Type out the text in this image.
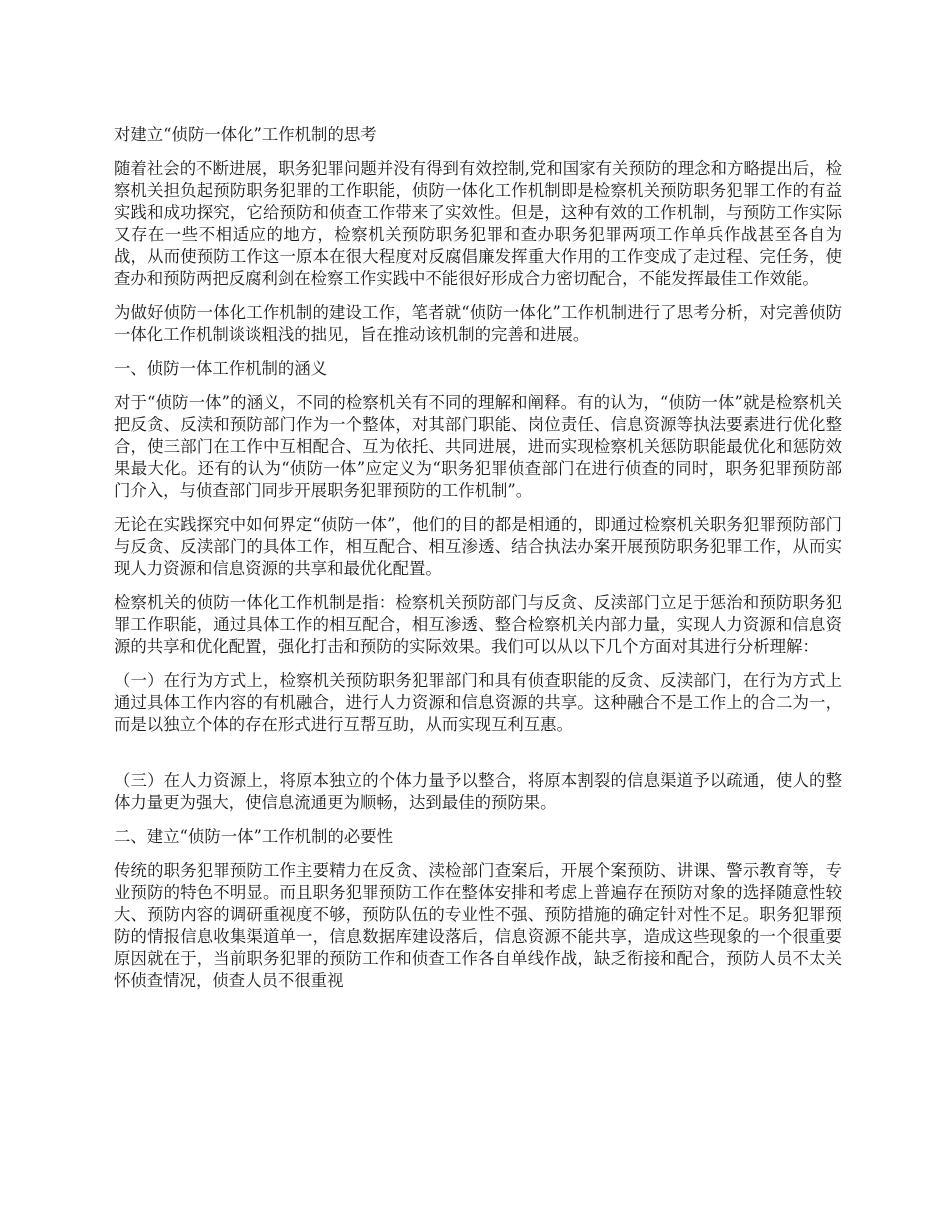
对建立“侦防一体化”工作机制的思考

随着社会的不断进展，职务犯罪问题并没有得到有效控制,党和国家有关预防的理念和方略提出后，检察机关担负起预防职务犯罪的工作职能，侦防一体化工作机制即是检察机关预防职务犯罪工作的有益实践和成功探究，它给预防和侦查工作带来了实效性。但是，这种有效的工作机制，与预防工作实际又存在一些不相适应的地方，检察机关预防职务犯罪和查办职务犯罪两项工作单兵作战甚至各自为战，从而使预防工作这一原本在很大程度对反腐倡廉发挥重大作用的工作变成了走过程、完任务，使查办和预防两把反腐利剑在检察工作实践中不能很好形成合力密切配合，不能发挥最佳工作效能。

为做好侦防一体化工作机制的建设工作，笔者就“侦防一体化”工作机制进行了思考分析，对完善侦防一体化工作机制谈谈粗浅的拙见，旨在推动该机制的完善和进展。

一、侦防一体工作机制的涵义

对于“侦防一体”的涵义，不同的检察机关有不同的理解和阐释。有的认为，“侦防一体”就是检察机关把反贪、反渎和预防部门作为一个整体，对其部门职能、岗位责任、信息资源等执法要素进行优化整合，使三部门在工作中互相配合、互为依托、共同进展，进而实现检察机关惩防职能最优化和惩防效果最大化。还有的认为“侦防一体”应定义为“职务犯罪侦查部门在进行侦查的同时，职务犯罪预防部门介入，与侦查部门同步开展职务犯罪预防的工作机制”。

无论在实践探究中如何界定“侦防一体”，他们的目的都是相通的，即通过检察机关职务犯罪预防部门与反贪、反渎部门的具体工作，相互配合、相互渗透、结合执法办案开展预防职务犯罪工作，从而实现人力资源和信息资源的共享和最优化配置。

检察机关的侦防一体化工作机制是指：检察机关预防部门与反贪、反渎部门立足于惩治和预防职务犯罪工作职能，通过具体工作的相互配合，相互渗透、整合检察机关内部力量，实现人力资源和信息资源的共享和优化配置，强化打击和预防的实际效果。我们可以从以下几个方面对其进行分析理解：

（一）在行为方式上，检察机关预防职务犯罪部门和具有侦查职能的反贪、反渎部门，在行为方式上通过具体工作内容的有机融合，进行人力资源和信息资源的共享。这种融合不是工作上的合二为一，而是以独立个体的存在形式进行互帮互助，从而实现互利互惠。

（三）在人力资源上，将原本独立的个体力量予以整合，将原本割裂的信息渠道予以疏通，使人的整体力量更为强大，使信息流通更为顺畅，达到最佳的预防果。

二、建立“侦防一体”工作机制的必要性

传统的职务犯罪预防工作主要精力在反贪、渎检部门查案后，开展个案预防、讲课、警示教育等，专业预防的特色不明显。而且职务犯罪预防工作在整体安排和考虑上普遍存在预防对象的选择随意性较大、预防内容的调研重视度不够，预防队伍的专业性不强、预防措施的确定针对性不足。职务犯罪预防的情报信息收集渠道单一，信息数据库建设落后，信息资源不能共享，造成这些现象的一个很重要原因就在于，当前职务犯罪的预防工作和侦查工作各自单线作战，缺乏衔接和配合，预防人员不太关怀侦查情况，侦查人员不很重视
